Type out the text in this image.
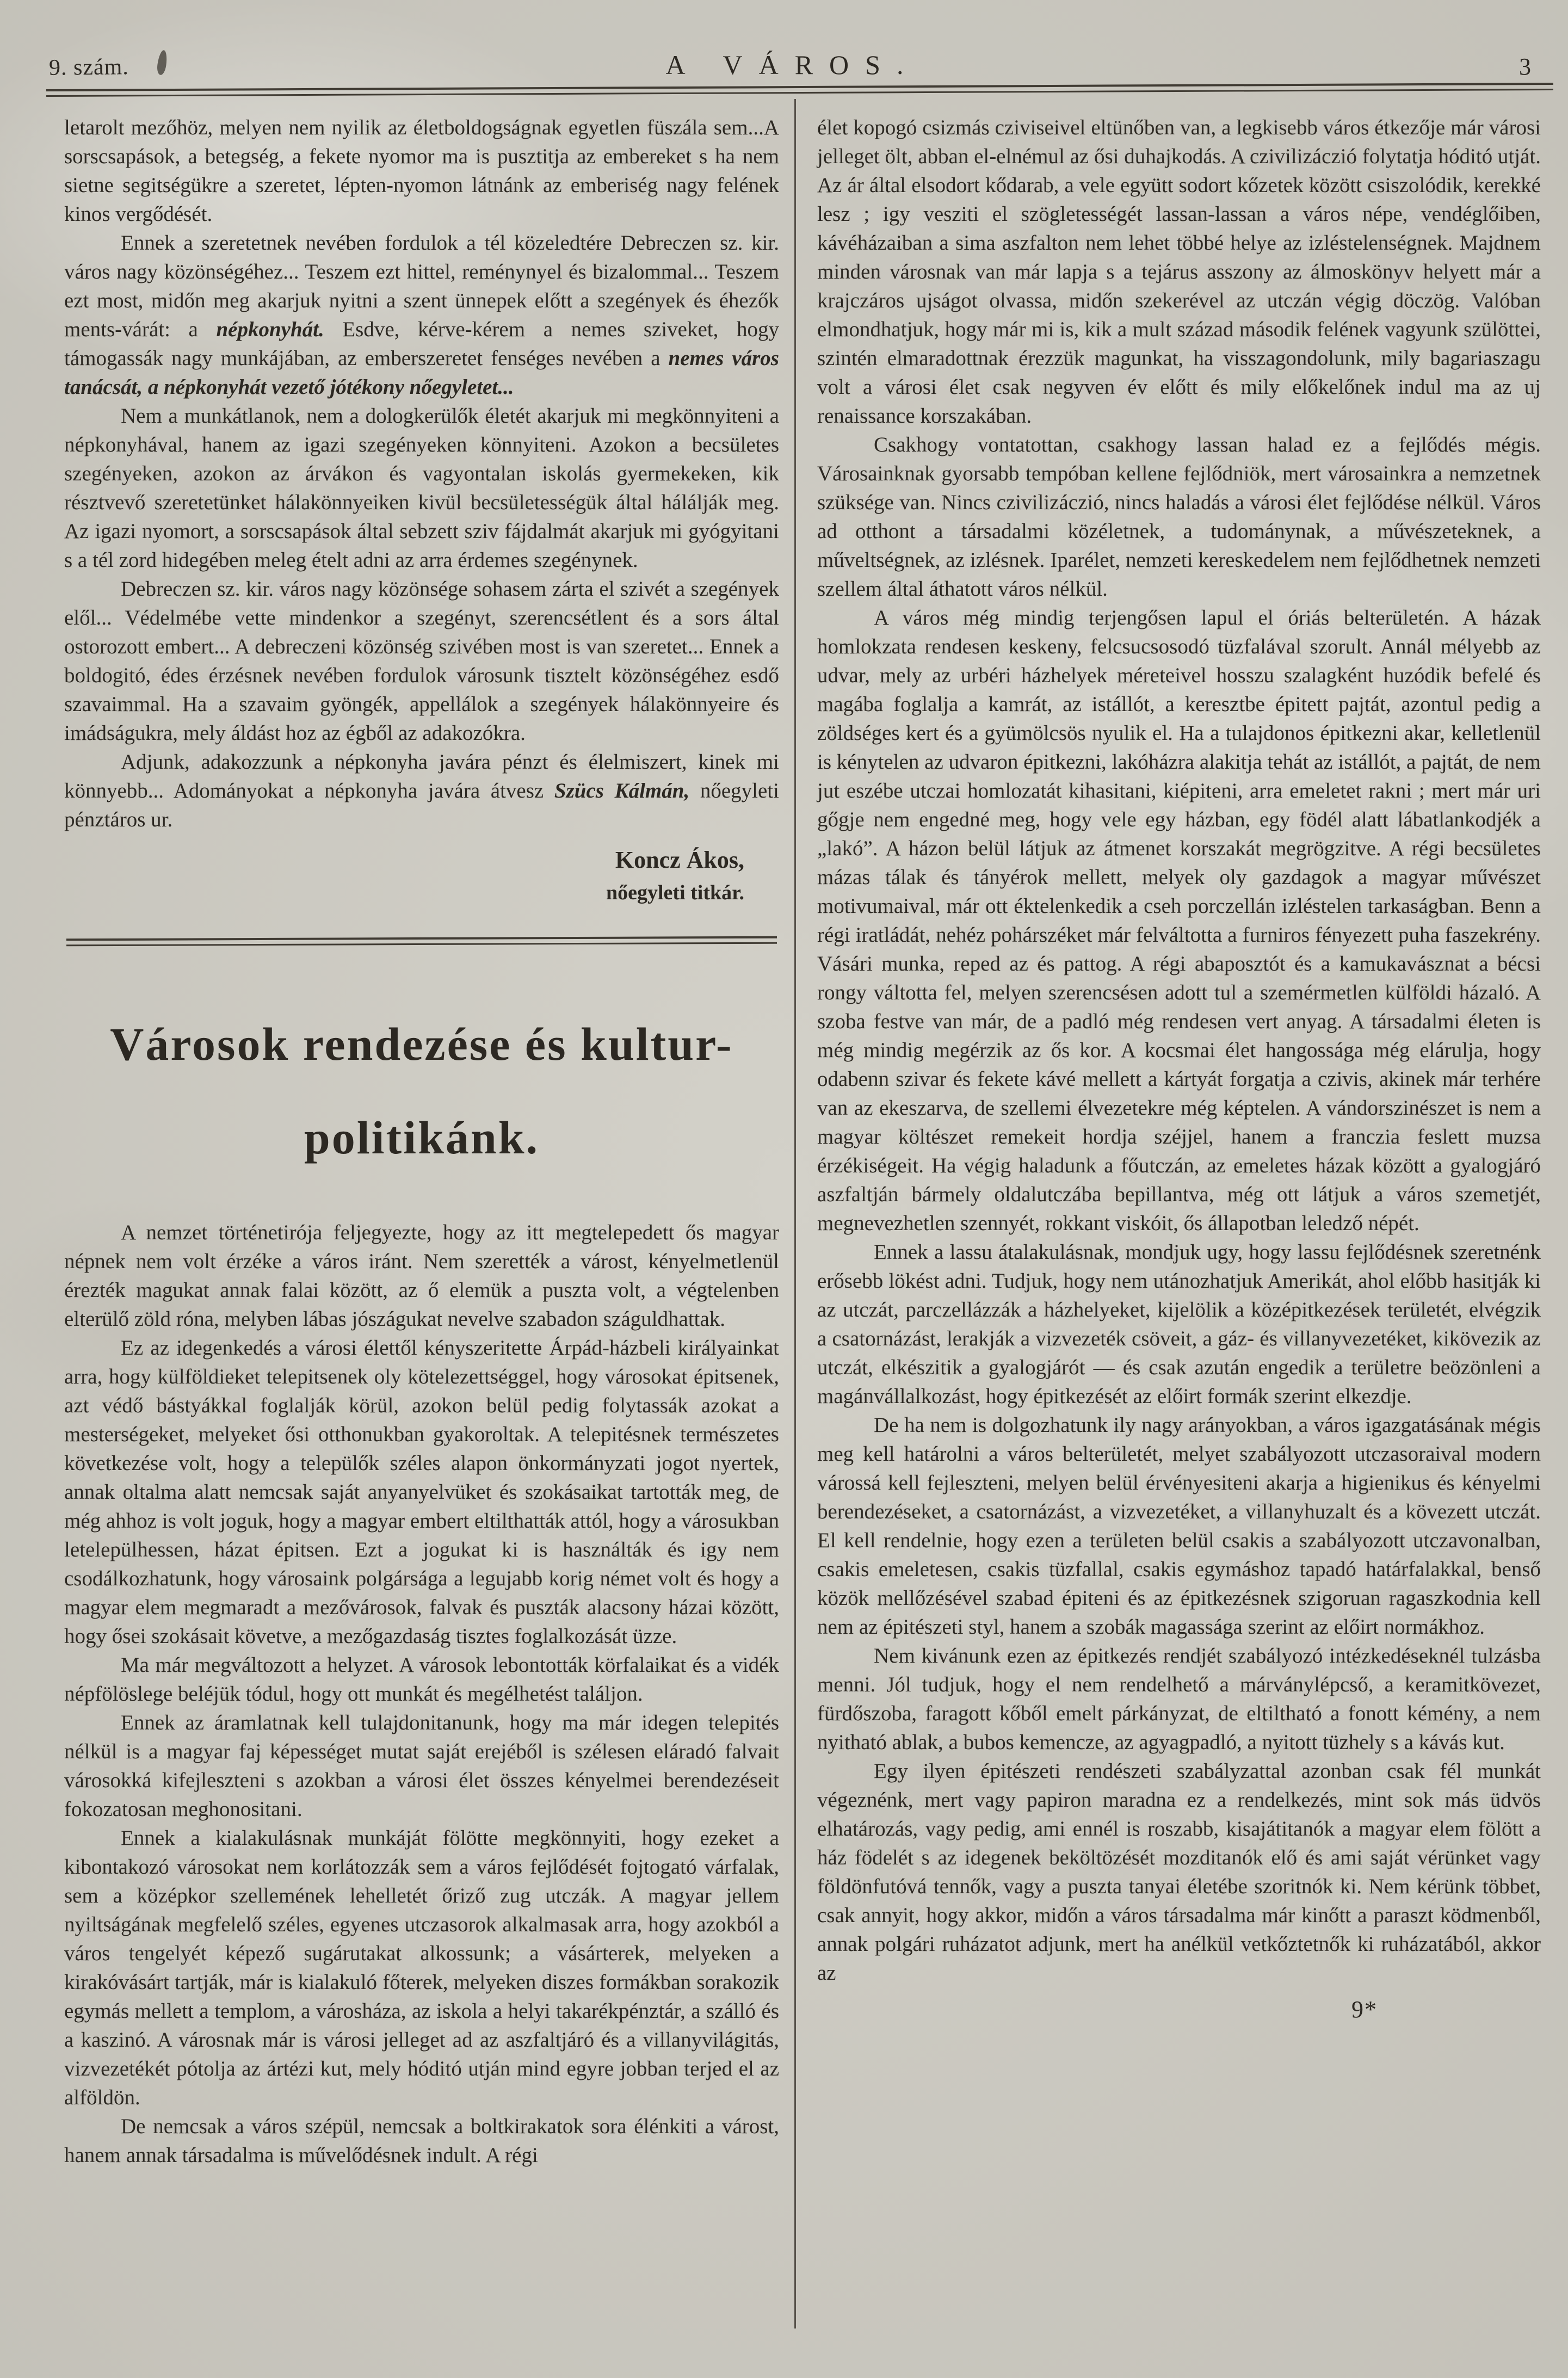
9. szám.	A VÁROS.	3

letarolt mezőhöz, melyen nem nyilik az életboldogságnak egyetlen füszála sem...A sorscsapások, a betegség, a fekete nyomor ma is pusztitja az embereket s ha nem sietne segitségükre a szeretet, lépten-nyomon látnánk az emberiség nagy felének kinos vergődését.

Ennek a szeretetnek nevében fordulok a tél közeledtére Debreczen sz. kir. város nagy közönségéhez... Teszem ezt hittel, reménynyel és bizalommal... Teszem ezt most, midőn meg akarjuk nyitni a szent ünnepek előtt a szegények és éhezők ments-várát: a népkonyhát. Esdve, kérve-kérem a nemes sziveket, hogy támogassák nagy munkájában, az emberszeretet fenséges nevében a nemes város tanácsát, a népkonyhát vezető jótékony nőegyletet...

Nem a munkátlanok, nem a dologkerülők életét akarjuk mi megkönnyiteni a népkonyhával, hanem az igazi szegényeken könnyiteni. Azokon a becsületes szegényeken, azokon az árvákon és vagyontalan iskolás gyermekeken, kik résztvevő szeretetünket hálakönnyeiken kivül becsületességük által hálálják meg. Az igazi nyomort, a sorscsapások által sebzett sziv fájdalmát akarjuk mi gyógyitani s a tél zord hidegében meleg ételt adni az arra érdemes szegénynek.

Debreczen sz. kir. város nagy közönsége sohasem zárta el szivét a szegények elől... Védelmébe vette mindenkor a szegényt, szerencsétlent és a sors által ostorozott embert... A debreczeni közönség szivében most is van szeretet... Ennek a boldogitó, édes érzésnek nevében fordulok városunk tisztelt közönségéhez esdő szavaimmal. Ha a szavaim gyöngék, appellálok a szegények hálakönnyeire és imádságukra, mely áldást hoz az égből az adakozókra.

Adjunk, adakozzunk a népkonyha javára pénzt és élelmiszert, kinek mi könnyebb... Adományokat a népkonyha javára átvesz Szücs Kálmán, nőegyleti pénztáros ur.

Koncz Ákos,
nőegyleti titkár.
Városok rendezése és kultur-
politikánk.

A nemzet történetirója feljegyezte, hogy az itt megtelepedett ős magyar népnek nem volt érzéke a város iránt. Nem szerették a várost, kényelmetlenül érezték magukat annak falai között, az ő elemük a puszta volt, a végtelenben elterülő zöld róna, melyben lábas jószágukat nevelve szabadon száguldhattak.

Ez az idegenkedés a városi élettől kényszeritette Árpád-házbeli királyainkat arra, hogy külföldieket telepitsenek oly kötelezettséggel, hogy városokat épitsenek, azt védő bástyákkal foglalják körül, azokon belül pedig folytassák azokat a mesterségeket, melyeket ősi otthonukban gyakoroltak. A telepitésnek természetes következése volt, hogy a települők széles alapon önkormányzati jogot nyertek, annak oltalma alatt nemcsak saját anyanyelvüket és szokásaikat tartották meg, de még ahhoz is volt joguk, hogy a magyar embert eltilthatták attól, hogy a városukban letelepülhessen, házat épitsen. Ezt a jogukat ki is használták és igy nem csodálkozhatunk, hogy városaink polgársága a legujabb korig német volt és hogy a magyar elem megmaradt a mezővárosok, falvak és puszták alacsony házai között, hogy ősei szokásait követve, a mezőgazdaság tisztes foglalkozását üzze.

Ma már megváltozott a helyzet. A városok lebontották körfalaikat és a vidék népfölöslege beléjük tódul, hogy ott munkát és megélhetést találjon.

Ennek az áramlatnak kell tulajdonitanunk, hogy ma már idegen telepités nélkül is a magyar faj képességet mutat saját erejéből is szélesen eláradó falvait városokká kifejleszteni s azokban a városi élet összes kényelmei berendezéseit fokozatosan meghonositani.

Ennek a kialakulásnak munkáját fölötte megkönnyiti, hogy ezeket a kibontakozó városokat nem korlátozzák sem a város fejlődését fojtogató várfalak, sem a középkor szellemének lehelletét őriző zug utczák. A magyar jellem nyiltságának megfelelő széles, egyenes utczasorok alkalmasak arra, hogy azokból a város tengelyét képező sugárutakat alkossunk; a vásárterek, melyeken a kirakóvásárt tartják, már is kialakuló főterek, melyeken diszes formákban sorakozik egymás mellett a templom, a városháza, az iskola a helyi takarékpénztár, a szálló és a kaszinó. A városnak már is városi jelleget ad az aszfaltjáró és a villanyvilágitás, vizvezetékét pótolja az ártézi kut, mely hóditó utján mind egyre jobban terjed el az alföldön.

De nemcsak a város szépül, nemcsak a boltkirakatok sora élénkiti a várost, hanem annak társadalma is művelődésnek indult. A régi

élet kopogó csizmás cziviseivel eltünőben van, a legkisebb város étkezője már városi jelleget ölt, abban el-elnémul az ősi duhajkodás. A czivilizáczió folytatja hóditó utját. Az ár által elsodort kődarab, a vele együtt sodort kőzetek között csiszolódik, kerekké lesz ; igy vesziti el szögletességét lassan-lassan a város népe, vendéglőiben, kávéházaiban a sima aszfalton nem lehet többé helye az izléstelenségnek. Majdnem minden városnak van már lapja s a tejárus asszony az álmoskönyv helyett már a krajczáros ujságot olvassa, midőn szekerével az utczán végig döczög. Valóban elmondhatjuk, hogy már mi is, kik a mult század második felének vagyunk szülöttei, szintén elmaradottnak érezzük magunkat, ha visszagondolunk, mily bagariaszagu volt a városi élet csak negyven év előtt és mily előkelőnek indul ma az uj renaissance korszakában.

Csakhogy vontatottan, csakhogy lassan halad ez a fejlődés mégis. Városainknak gyorsabb tempóban kellene fejlődniök, mert városainkra a nemzetnek szüksége van. Nincs czivilizáczió, nincs haladás a városi élet fejlődése nélkül. Város ad otthont a társadalmi közéletnek, a tudománynak, a művészeteknek, a műveltségnek, az izlésnek. Iparélet, nemzeti kereskedelem nem fejlődhetnek nemzeti szellem által áthatott város nélkül.

A város még mindig terjengősen lapul el óriás belterületén. A házak homlokzata rendesen keskeny, felcsucsosodó tüzfalával szorult. Annál mélyebb az udvar, mely az urbéri házhelyek méreteivel hosszu szalagként huzódik befelé és magába foglalja a kamrát, az istállót, a keresztbe épitett pajtát, azontul pedig a zöldséges kert és a gyümölcsös nyulik el. Ha a tulajdonos épitkezni akar, kelletlenül is kénytelen az udvaron épitkezni, lakóházra alakitja tehát az istállót, a pajtát, de nem jut eszébe utczai homlozatát kihasitani, kiépiteni, arra emeletet rakni ; mert már uri gőgje nem engedné meg, hogy vele egy házban, egy födél alatt lábatlankodjék a „lakó”. A házon belül látjuk az átmenet korszakát megrögzitve. A régi becsületes mázas tálak és tányérok mellett, melyek oly gazdagok a magyar művészet motivumaival, már ott éktelenkedik a cseh porczellán izléstelen tarkaságban. Benn a régi iratládát, nehéz pohárszéket már felváltotta a furniros fényezett puha faszekrény. Vásári munka, reped az és pattog. A régi abaposztót és a kamukavásznat a bécsi rongy váltotta fel, melyen szerencsésen adott tul a szemérmetlen külföldi házaló. A szoba festve van már, de a padló még rendesen vert anyag. A társadalmi életen is még mindig megérzik az ős kor. A kocsmai élet hangossága még elárulja, hogy odabenn szivar és fekete kávé mellett a kártyát forgatja a czivis, akinek már terhére van az ekeszarva, de szellemi élvezetekre még képtelen. A vándorszinészet is nem a magyar költészet remekeit hordja széjjel, hanem a franczia feslett muzsa érzékiségeit. Ha végig haladunk a főutczán, az emeletes házak között a gyalogjáró aszfaltján bármely oldalutczába bepillantva, még ott látjuk a város szemetjét, megnevezhetlen szennyét, rokkant viskóit, ős állapotban leledző népét.

Ennek a lassu átalakulásnak, mondjuk ugy, hogy lassu fejlődésnek szeretnénk erősebb lökést adni. Tudjuk, hogy nem utánozhatjuk Amerikát, ahol előbb hasitják ki az utczát, parczellázzák a házhelyeket, kijelölik a középitkezések területét, elvégzik a csatornázást, lerakják a vizvezeték csöveit, a gáz- és villanyvezetéket, kikövezik az utczát, elkészitik a gyalogjárót — és csak azután engedik a területre beözönleni a magánvállalkozást, hogy épitkezését az előirt formák szerint elkezdje.

De ha nem is dolgozhatunk ily nagy arányokban, a város igazgatásának mégis meg kell határolni a város belterületét, melyet szabályozott utczasoraival modern várossá kell fejleszteni, melyen belül érvényesiteni akarja a higienikus és kényelmi berendezéseket, a csatornázást, a vizvezetéket, a villanyhuzalt és a kövezett utczát. El kell rendelnie, hogy ezen a területen belül csakis a szabályozott utczavonalban, csakis emeletesen, csakis tüzfallal, csakis egymáshoz tapadó határfalakkal, benső közök mellőzésével szabad épiteni és az épitkezésnek szigoruan ragaszkodnia kell nem az épitészeti styl, hanem a szobák magassága szerint az előirt normákhoz.

Nem kivánunk ezen az épitkezés rendjét szabályozó intézkedéseknél tulzásba menni. Jól tudjuk, hogy el nem rendelhető a márványlépcső, a keramitkövezet, fürdőszoba, faragott kőből emelt párkányzat, de eltiltható a fonott kémény, a nem nyitható ablak, a bubos kemencze, az agyagpadló, a nyitott tüzhely s a kávás kut.

Egy ilyen épitészeti rendészeti szabályzattal azonban csak fél munkát végeznénk, mert vagy papiron maradna ez a rendelkezés, mint sok más üdvös elhatározás, vagy pedig, ami ennél is roszabb, kisajátitanók a magyar elem fölött a ház födelét s az idegenek beköltözését mozditanók elő és ami saját vérünket vagy földönfutóvá tennők, vagy a puszta tanyai életébe szoritnók ki. Nem kérünk többet, csak annyit, hogy akkor, midőn a város társadalma már kinőtt a paraszt ködmenből, annak polgári ruházatot adjunk, mert ha anélkül vetkőztetnők ki ruházatából, akkor az

9*
